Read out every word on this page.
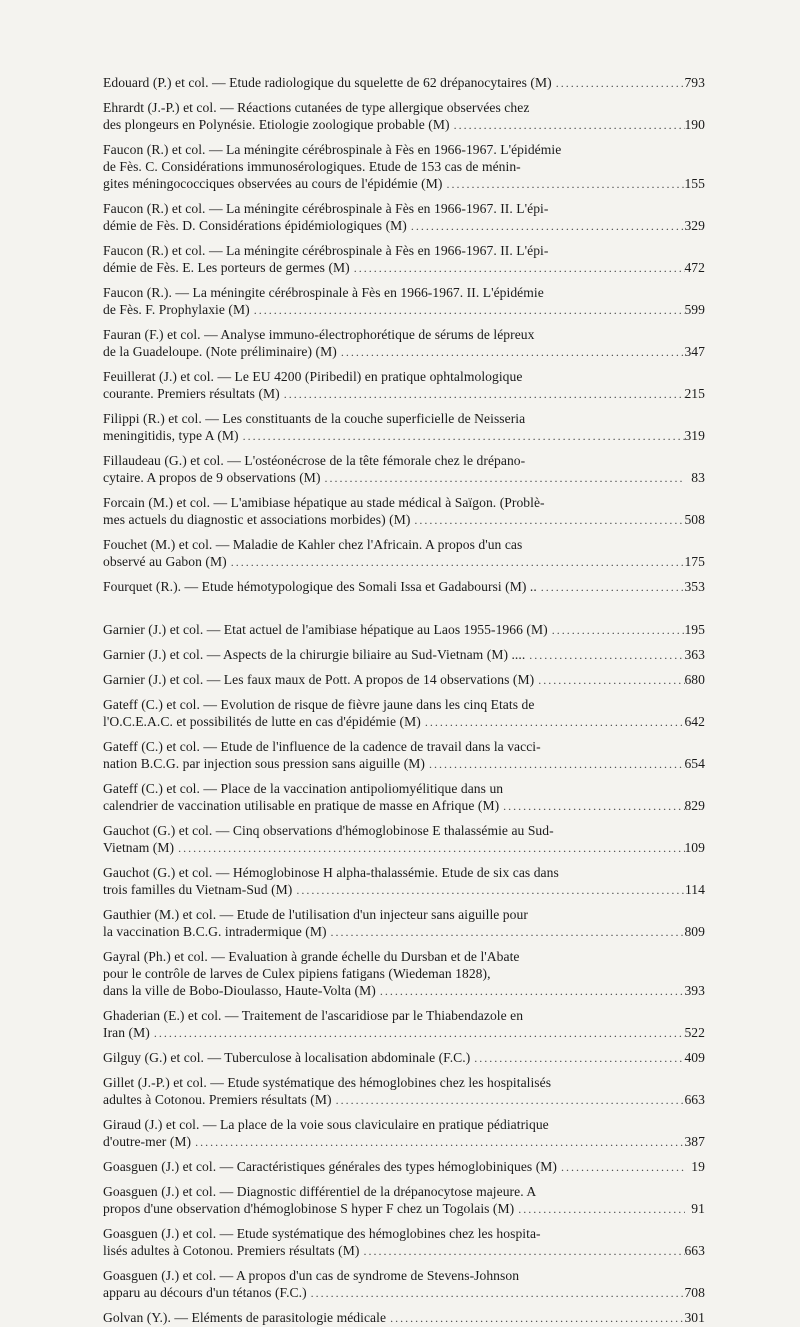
Edouard (P.) et col. — Etude radiologique du squelette de 62 drépanocytaires (M) .....	793
Ehrardt (J.-P.) et col. — Réactions cutanées de type allergique observées chez
des plongeurs en Polynésie. Etiologie zoologique probable (M) .....	190
Faucon (R.) et col. — La méningite cérébrospinale à Fès en 1966-1967. L'épidémie
de Fès. C. Considérations immunosérologiques. Etude de 153 cas de ménin-
gites méningococciques observées au cours de l'épidémie (M) .....	155
Faucon (R.) et col. — La méningite cérébrospinale à Fès en 1966-1967. II. L'épi-
démie de Fès. D. Considérations épidémiologiques (M) .....	329
Faucon (R.) et col. — La méningite cérébrospinale à Fès en 1966-1967. II. L'épi-
démie de Fès. E. Les porteurs de germes (M) .....	472
Faucon (R.). — La méningite cérébrospinale à Fès en 1966-1967. II. L'épidémie
de Fès. F. Prophylaxie (M) .....	599
Fauran (F.) et col. — Analyse immuno-électrophorétique de sérums de lépreux
de la Guadeloupe. (Note préliminaire) (M) .....	347
Feuillerat (J.) et col. — Le EU 4200 (Piribedil) en pratique ophtalmologique
courante. Premiers résultats (M) .....	215
Filippi (R.) et col. — Les constituants de la couche superficielle de Neisseria
meningitidis, type A (M) .....	319
Fillaudeau (G.) et col. — L'ostéonécrose de la tête fémorale chez le drépano-
cytaire. A propos de 9 observations (M) .....	83
Forcain (M.) et col. — L'amibiase hépatique au stade médical à Saïgon. (Problè-
mes actuels du diagnostic et associations morbides) (M) .....	508
Fouchet (M.) et col. — Maladie de Kahler chez l'Africain. A propos d'un cas
observé au Gabon (M) .....	175
Fourquet (R.). — Etude hémotypologique des Somali Issa et Gadaboursi (M) .. .....	353
Garnier (J.) et col. — Etat actuel de l'amibiase hépatique au Laos 1955-1966 (M) .....	195
Garnier (J.) et col. — Aspects de la chirurgie biliaire au Sud-Vietnam (M) .... .....	363
Garnier (J.) et col. — Les faux maux de Pott. A propos de 14 observations (M) .....	680
Gateff (C.) et col. — Evolution de risque de fièvre jaune dans les cinq Etats de
l'O.C.E.A.C. et possibilités de lutte en cas d'épidémie (M) .....	642
Gateff (C.) et col. — Etude de l'influence de la cadence de travail dans la vacci-
nation B.C.G. par injection sous pression sans aiguille (M) .....	654
Gateff (C.) et col. — Place de la vaccination antipoliomyélitique dans un
calendrier de vaccination utilisable en pratique de masse en Afrique (M) .....	829
Gauchot (G.) et col. — Cinq observations d'hémoglobinose E thalassémie au Sud-
Vietnam (M) .....	109
Gauchot (G.) et col. — Hémoglobinose H alpha-thalassémie. Etude de six cas dans
trois familles du Vietnam-Sud (M) .....	114
Gauthier (M.) et col. — Etude de l'utilisation d'un injecteur sans aiguille pour
la vaccination B.C.G. intradermique (M) .....	809
Gayral (Ph.) et col. — Evaluation à grande échelle du Dursban et de l'Abate
pour le contrôle de larves de Culex pipiens fatigans (Wiedeman 1828),
dans la ville de Bobo-Dioulasso, Haute-Volta (M) .....	393
Ghaderian (E.) et col. — Traitement de l'ascaridiose par le Thiabendazole en
Iran (M) .....	522
Gilguy (G.) et col. — Tuberculose à localisation abdominale (F.C.) .....	409
Gillet (J.-P.) et col. — Etude systématique des hémoglobines chez les hospitalisés
adultes à Cotonou. Premiers résultats (M) .....	663
Giraud (J.) et col. — La place de la voie sous claviculaire en pratique pédiatrique
d'outre-mer (M) .....	387
Goasguen (J.) et col. — Caractéristiques générales des types hémoglobiniques (M) .....	19
Goasguen (J.) et col. — Diagnostic différentiel de la drépanocytose majeure. A
propos d'une observation d'hémoglobinose S hyper F chez un Togolais (M) .....	91
Goasguen (J.) et col. — Etude systématique des hémoglobines chez les hospita-
lisés adultes à Cotonou. Premiers résultats (M) .....	663
Goasguen (J.) et col. — A propos d'un cas de syndrome de Stevens-Johnson
apparu au décours d'un tétanos (F.C.) .....	708
Golvan (Y.). — Eléments de parasitologie médicale .....	301
